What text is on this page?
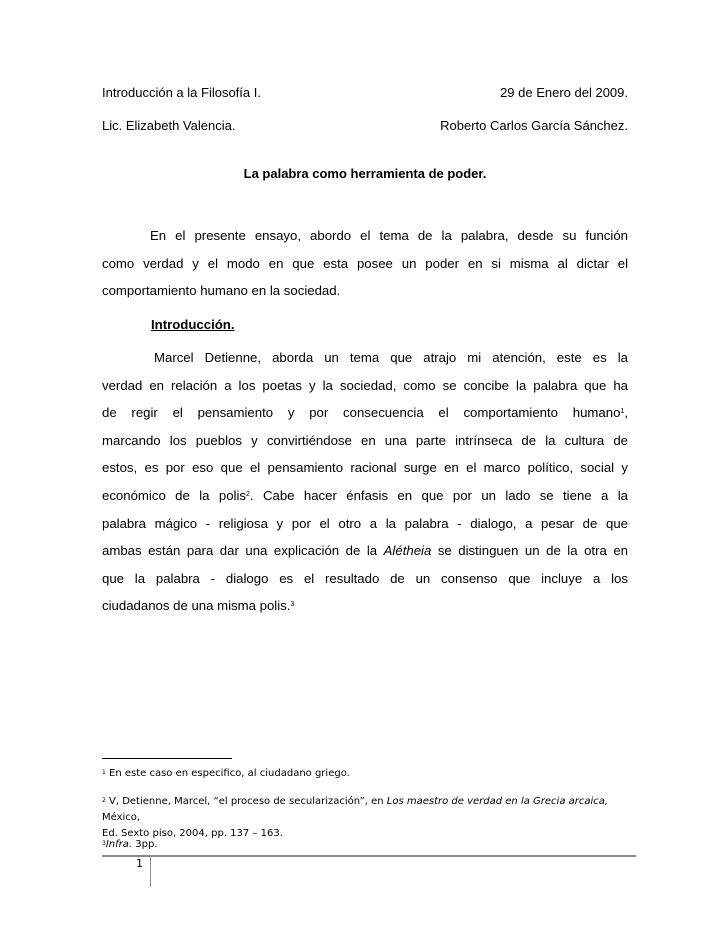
Introducción a la Filosofía I.	29 de Enero del 2009.
Lic. Elizabeth Valencia.	Roberto Carlos García Sánchez.
La palabra como herramienta de poder.
En el presente ensayo, abordo el tema de la palabra, desde su función
como verdad y el modo en que esta posee un poder en si misma al dictar el
comportamiento humano en la sociedad.
Introducción.
Marcel Detienne, aborda un tema que atrajo mi atención, este es la
verdad en relación a los poetas y la sociedad, como se concibe la palabra que ha
de regir el pensamiento y por consecuencia el comportamiento humano$^1$,
marcando los pueblos y convirtiéndose en una parte intrínseca de la cultura de
estos, es por eso que el pensamiento racional surge en el marco político, social y
económico de la polis$^2$. Cabe hacer énfasis en que por un lado se tiene a la
palabra mágico - religiosa y por el otro a la palabra - dialogo, a pesar de que
ambas están para dar una explicación de la Alétheia se distinguen un de la otra en
que la palabra - dialogo es el resultado de un consenso que incluye a los
ciudadanos de una misma polis.$^3$
$^1$ En este caso en especifico, al ciudadano griego.
$^2$ V, Detienne, Marcel, “el proceso de secularización”, en Los maestro de verdad en la Grecia arcaica, México,
Ed. Sexto piso, 2004, pp. 137 – 163.
$^3$Infra. 3pp.
1
